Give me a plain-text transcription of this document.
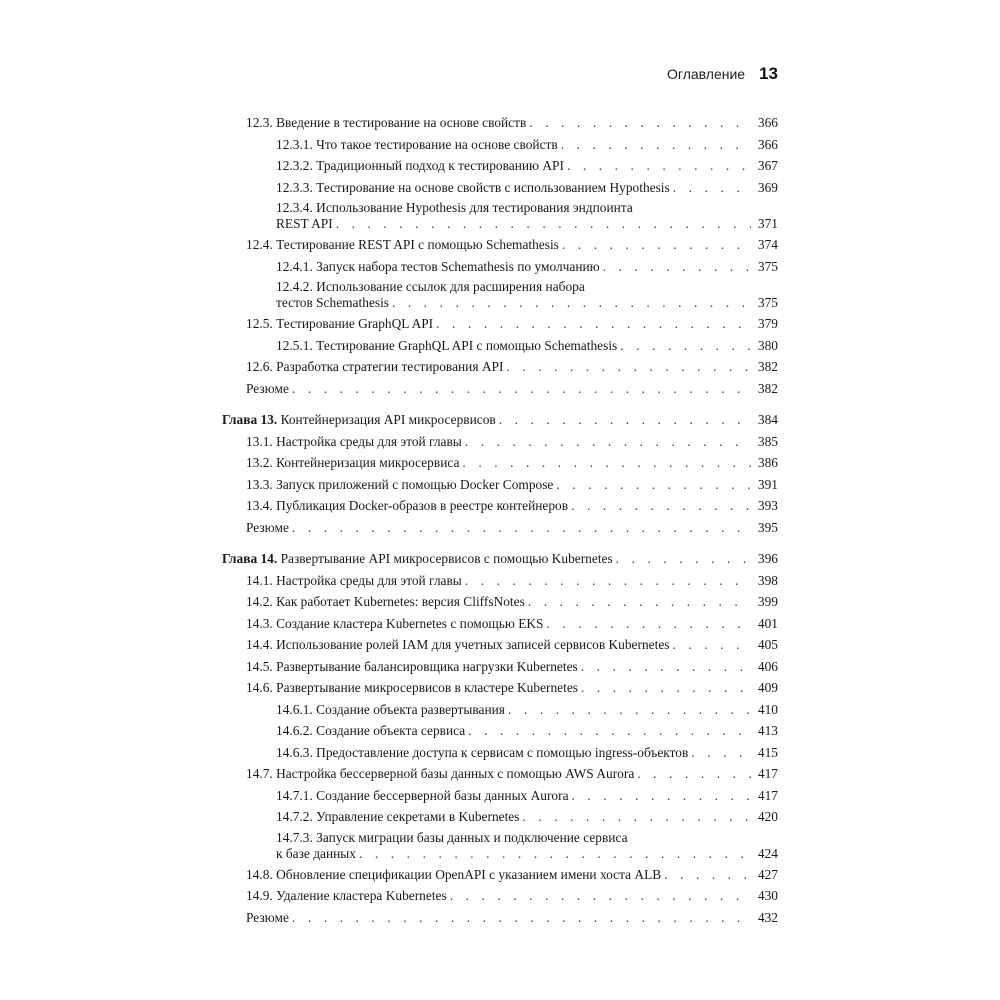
Оглавление 13
12.3. Введение в тестирование на основе свойств . . .	366
12.3.1. Что такое тестирование на основе свойств . . .	366
12.3.2. Традиционный подход к тестированию API . . .	367
12.3.3. Тестирование на основе свойств с использованием Hypothesis . . .	369
12.3.4. Использование Hypothesis для тестирования эндпоинта
REST API . . .	371
12.4. Тестирование REST API с помощью Schemathesis . . .	374
12.4.1. Запуск набора тестов Schemathesis по умолчанию . . .	375
12.4.2. Использование ссылок для расширения набора
тестов Schemathesis . . .	375
12.5. Тестирование GraphQL API . . .	379
12.5.1. Тестирование GraphQL API с помощью Schemathesis . . .	380
12.6. Разработка стратегии тестирования API . . .	382
Резюме . . .	382
Глава 13. Контейнеризация API микросервисов . . .	384
13.1. Настройка среды для этой главы . . .	385
13.2. Контейнеризация микросервиса . . .	386
13.3. Запуск приложений с помощью Docker Compose . . .	391
13.4. Публикация Docker-образов в реестре контейнеров . . .	393
Резюме . . .	395
Глава 14. Развертывание API микросервисов с помощью Kubernetes . . .	396
14.1. Настройка среды для этой главы . . .	398
14.2. Как работает Kubernetes: версия CliffsNotes . . .	399
14.3. Создание кластера Kubernetes с помощью EKS . . .	401
14.4. Использование ролей IAM для учетных записей сервисов Kubernetes . . .	405
14.5. Развертывание балансировщика нагрузки Kubernetes . . .	406
14.6. Развертывание микросервисов в кластере Kubernetes . . .	409
14.6.1. Создание объекта развертывания . . .	410
14.6.2. Создание объекта сервиса . . .	413
14.6.3. Предоставление доступа к сервисам с помощью ingress-объектов . . .	415
14.7. Настройка бессерверной базы данных с помощью AWS Aurora . . .	417
14.7.1. Создание бессерверной базы данных Aurora . . .	417
14.7.2. Управление секретами в Kubernetes . . .	420
14.7.3. Запуск миграции базы данных и подключение сервиса
к базе данных . . .	424
14.8. Обновление спецификации OpenAPI с указанием имени хоста ALB . . .	427
14.9. Удаление кластера Kubernetes . . .	430
Резюме . . .	432
